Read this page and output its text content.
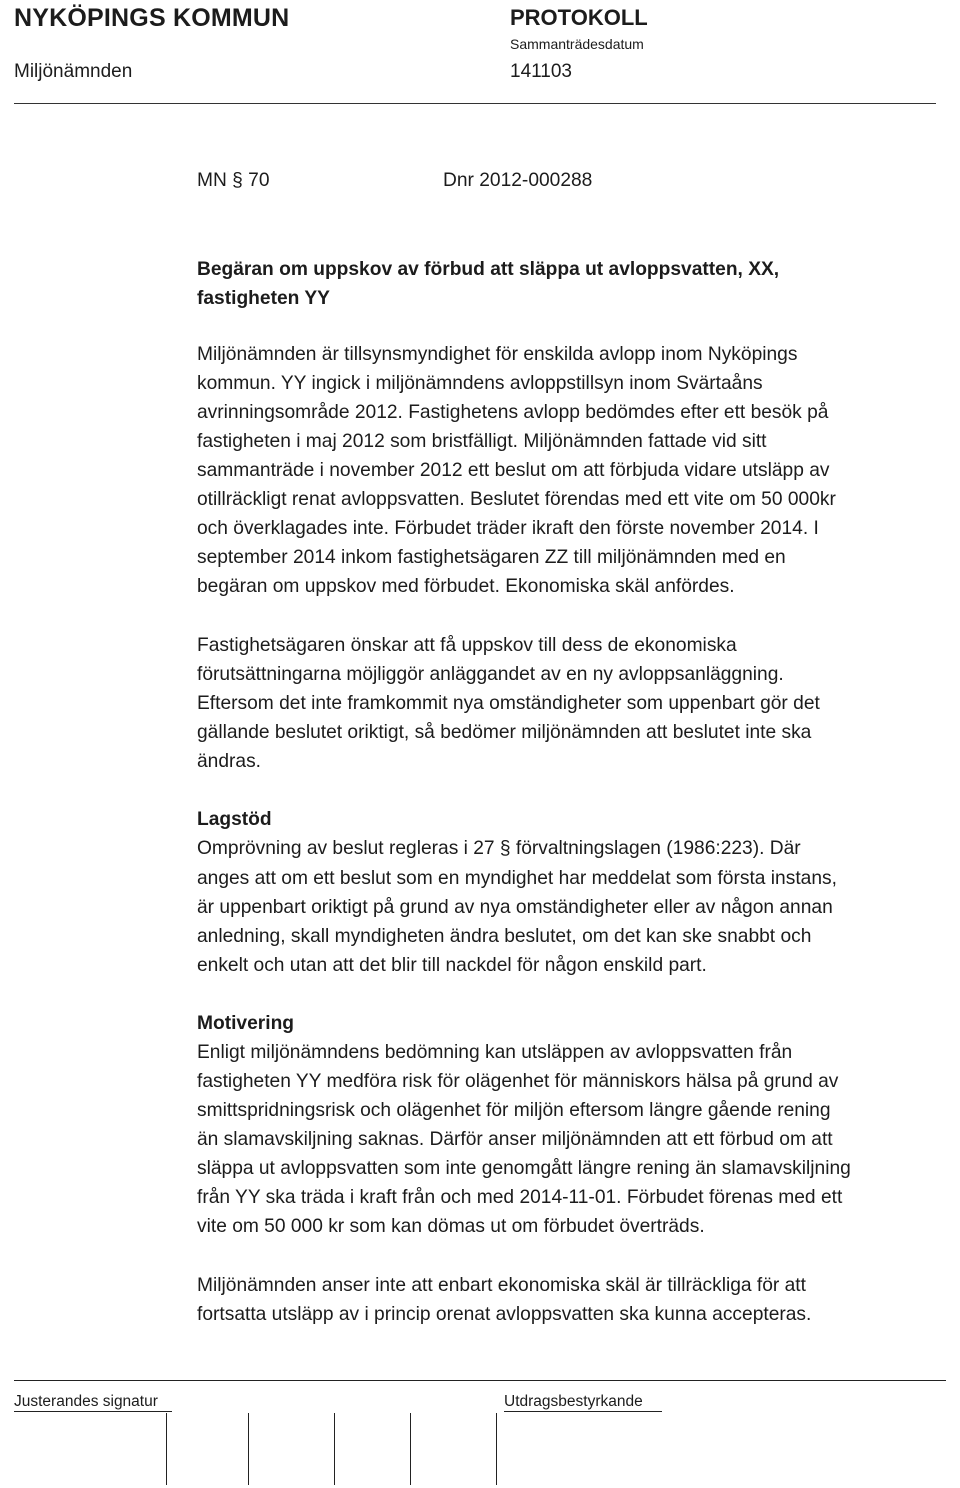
NYKÖPINGS KOMMUN	PROTOKOLL
Sammanträdesdatum
Miljönämnden	141103
MN § 70	Dnr 2012-000288
Begäran om uppskov av förbud att släppa ut avloppsvatten, XX,
fastigheten YY
Miljönämnden är tillsynsmyndighet för enskilda avlopp inom Nyköpings
kommun. YY ingick i miljönämndens avloppstillsyn inom Svärtaåns
avrinningsområde 2012. Fastighetens avlopp bedömdes efter ett besök på
fastigheten i maj 2012 som bristfälligt. Miljönämnden fattade vid sitt
sammanträde i november 2012 ett beslut om att förbjuda vidare utsläpp av
otillräckligt renat avloppsvatten. Beslutet förendas med ett vite om 50 000kr
och överklagades inte. Förbudet träder ikraft den förste november 2014. I
september 2014 inkom fastighetsägaren ZZ till miljönämnden med en
begäran om uppskov med förbudet. Ekonomiska skäl anfördes.
Fastighetsägaren önskar att få uppskov till dess de ekonomiska
förutsättningarna möjliggör anläggandet av en ny avloppsanläggning.
Eftersom det inte framkommit nya omständigheter som uppenbart gör det
gällande beslutet oriktigt, så bedömer miljönämnden att beslutet inte ska
ändras.
Lagstöd
Omprövning av beslut regleras i 27 § förvaltningslagen (1986:223). Där
anges att om ett beslut som en myndighet har meddelat som första instans,
är uppenbart oriktigt på grund av nya omständigheter eller av någon annan
anledning, skall myndigheten ändra beslutet, om det kan ske snabbt och
enkelt och utan att det blir till nackdel för någon enskild part.
Motivering
Enligt miljönämndens bedömning kan utsläppen av avloppsvatten från
fastigheten YY medföra risk för olägenhet för människors hälsa på grund av
smittspridningsrisk och olägenhet för miljön eftersom längre gående rening
än slamavskiljning saknas. Därför anser miljönämnden att ett förbud om att
släppa ut avloppsvatten som inte genomgått längre rening än slamavskiljning
från YY ska träda i kraft från och med 2014-11-01. Förbudet förenas med ett
vite om 50 000 kr som kan dömas ut om förbudet överträds.
Miljönämnden anser inte att enbart ekonomiska skäl är tillräckliga för att
fortsatta utsläpp av i princip orenat avloppsvatten ska kunna accepteras.
Justerandes signatur	Utdragsbestyrkande
